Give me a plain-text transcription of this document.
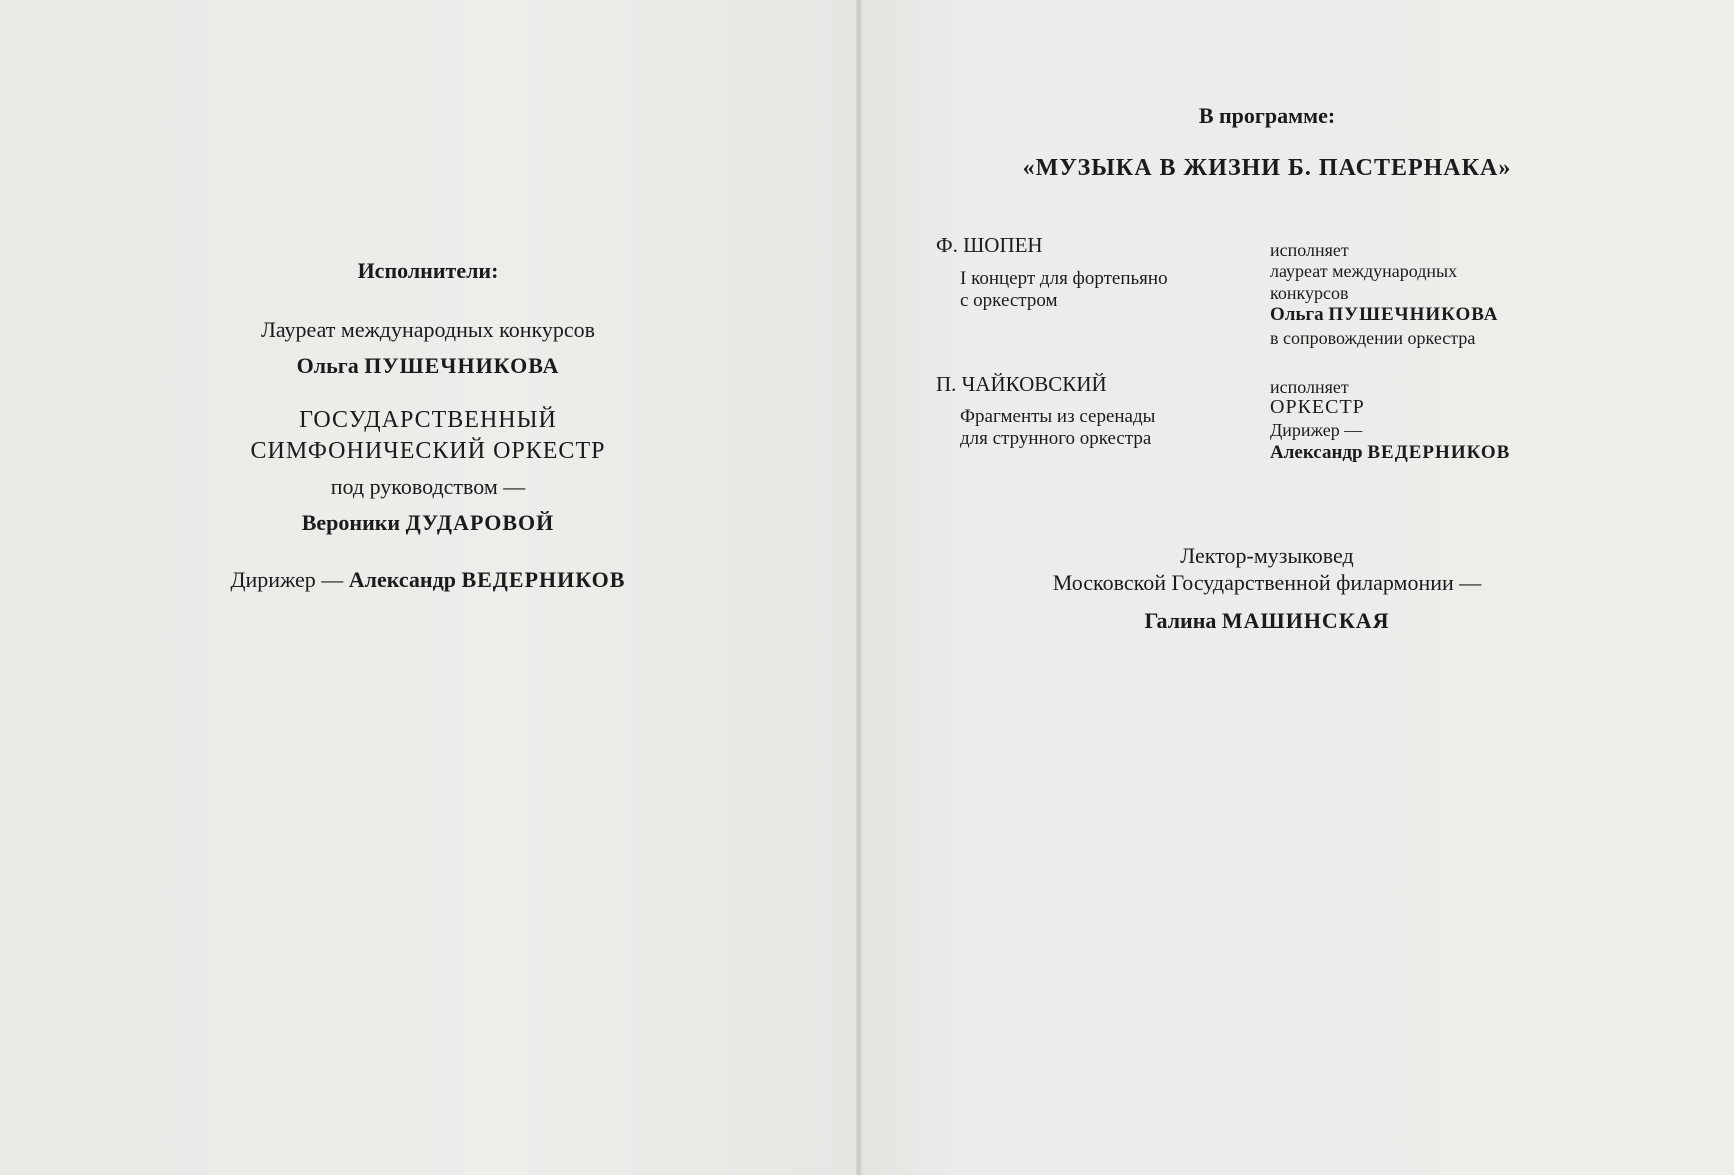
Исполнители:
Лауреат международных конкурсов
Ольга ПУШЕЧНИКОВА
ГОСУДАРСТВЕННЫЙ
СИМФОНИЧЕСКИЙ ОРКЕСТР
под руководством —
Вероники ДУДАРОВОЙ
Дирижер — Александр ВЕДЕРНИКОВ
В программе:
«МУЗЫКА В ЖИЗНИ Б. ПАСТЕРНАКА»
Ф. ШОПЕН
I концерт для фортепьяно
с оркестром
исполняет
лауреат международных
конкурсов
Ольга ПУШЕЧНИКОВА
в сопровождении оркестра
П. ЧАЙКОВСКИЙ
Фрагменты из серенады
для струнного оркестра
исполняет
ОРКЕСТР
Дирижер —
Александр ВЕДЕРНИКОВ
Лектор-музыковед
Московской Государственной филармонии —
Галина МАШИНСКАЯ
